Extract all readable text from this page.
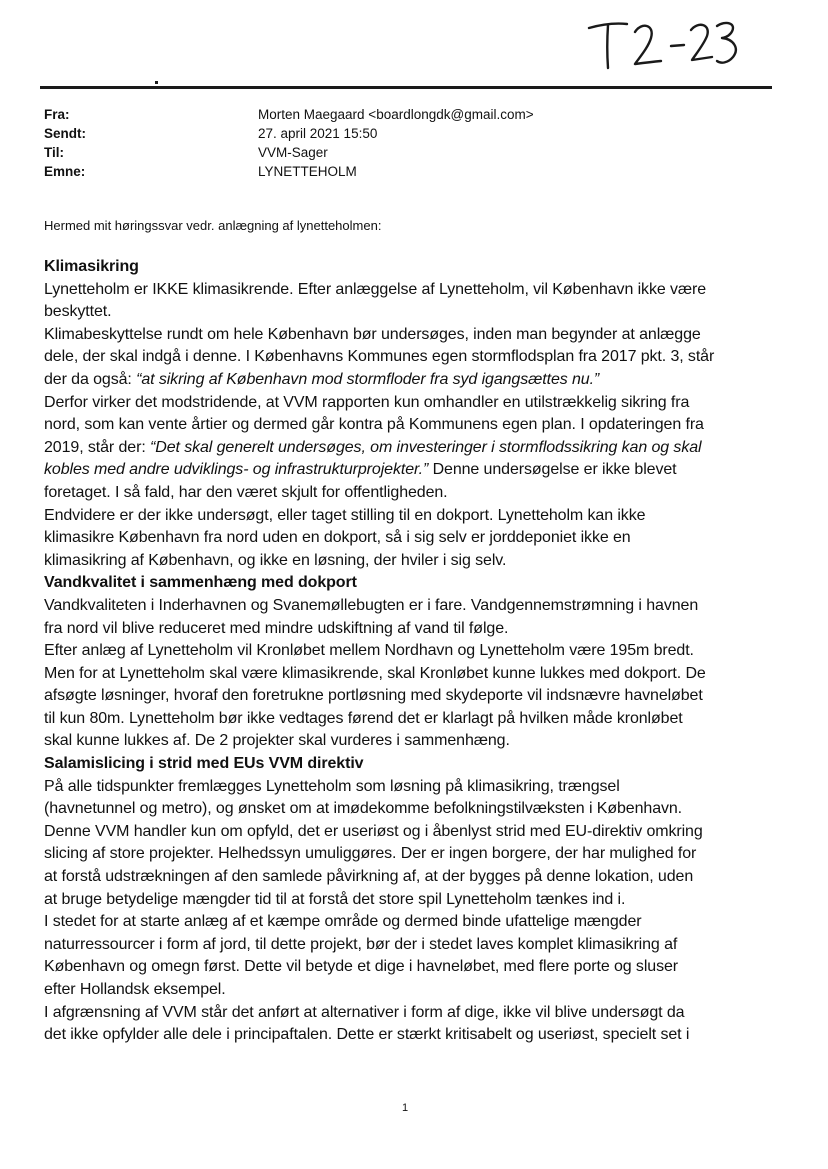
Fra:	Morten Maegaard <boardlongdk@gmail.com>
Sendt:	27. april 2021 15:50
Til:	VVM-Sager
Emne:	LYNETTEHOLM
Hermed mit høringssvar vedr. anlægning af lynetteholmen:
Klimasikring
Lynetteholm er IKKE klimasikrende. Efter anlæggelse af Lynetteholm, vil København ikke være
beskyttet.
Klimabeskyttelse rundt om hele København bør undersøges, inden man begynder at anlægge
dele, der skal indgå i denne. I Københavns Kommunes egen stormflodsplan fra 2017 pkt. 3, står
der da også: “at sikring af København mod stormfloder fra syd igangsættes nu.”
Derfor virker det modstridende, at VVM rapporten kun omhandler en utilstrækkelig sikring fra
nord, som kan vente årtier og dermed går kontra på Kommunens egen plan. I opdateringen fra
2019, står der: “Det skal generelt undersøges, om investeringer i stormflodssikring kan og skal
kobles med andre udviklings- og infrastrukturprojekter.” Denne undersøgelse er ikke blevet
foretaget. I så fald, har den været skjult for offentligheden.
Endvidere er der ikke undersøgt, eller taget stilling til en dokport. Lynetteholm kan ikke
klimasikre København fra nord uden en dokport, så i sig selv er jorddeponiet ikke en
klimasikring af København, og ikke en løsning, der hviler i sig selv.
Vandkvalitet i sammenhæng med dokport
Vandkvaliteten i Inderhavnen og Svanemøllebugten er i fare. Vandgennemstrømning i havnen
fra nord vil blive reduceret med mindre udskiftning af vand til følge.
Efter anlæg af Lynetteholm vil Kronløbet mellem Nordhavn og Lynetteholm være 195m bredt.
Men for at Lynetteholm skal være klimasikrende, skal Kronløbet kunne lukkes med dokport. De
afsøgte løsninger, hvoraf den foretrukne portløsning med skydeporte vil indsnævre havneløbet
til kun 80m. Lynetteholm bør ikke vedtages førend det er klarlagt på hvilken måde kronløbet
skal kunne lukkes af. De 2 projekter skal vurderes i sammenhæng.
Salamislicing i strid med EUs VVM direktiv
På alle tidspunkter fremlægges Lynetteholm som løsning på klimasikring, trængsel
(havnetunnel og metro), og ønsket om at imødekomme befolkningstilvæksten i København.
Denne VVM handler kun om opfyld, det er useriøst og i åbenlyst strid med EU-direktiv omkring
slicing af store projekter. Helhedssyn umuliggøres. Der er ingen borgere, der har mulighed for
at forstå udstrækningen af den samlede påvirkning af, at der bygges på denne lokation, uden
at bruge betydelige mængder tid til at forstå det store spil Lynetteholm tænkes ind i.
I stedet for at starte anlæg af et kæmpe område og dermed binde ufattelige mængder
naturressourcer i form af jord, til dette projekt, bør der i stedet laves komplet klimasikring af
København og omegn først. Dette vil betyde et dige i havneløbet, med flere porte og sluser
efter Hollandsk eksempel.
I afgrænsning af VVM står det anført at alternativer i form af dige, ikke vil blive undersøgt da
det ikke opfylder alle dele i principaftalen. Dette er stærkt kritisabelt og useriøst, specielt set i
1
